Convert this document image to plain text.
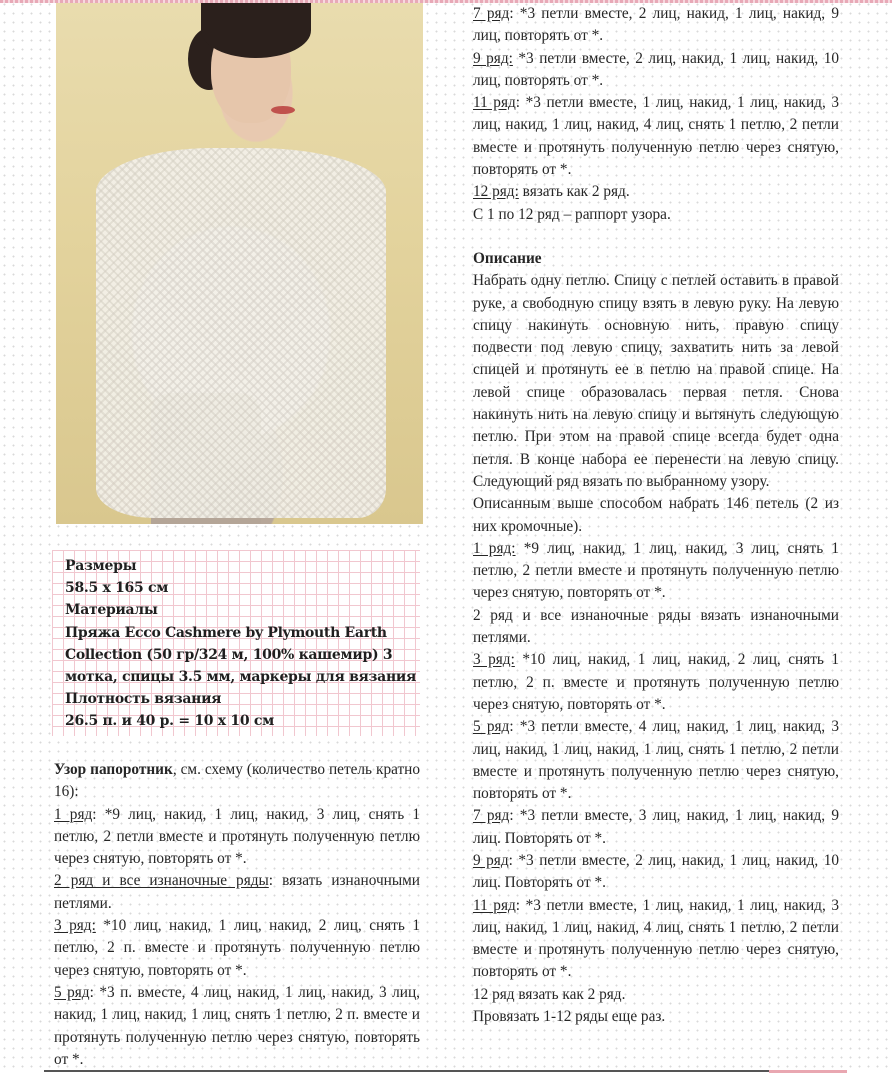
Размеры
58.5 x 165 см
Материалы
Пряжа Ecco Cashmere by Plymouth Earth
Collection (50 гр/324 м, 100% кашемир) 3
мотка, спицы 3.5 мм, маркеры для вязания
Плотность вязания
26.5 п. и 40 р. = 10 x 10 см

Узор папоротник, см. схему (количество петель кратно 16):

1 ряд: *9 лиц, накид, 1 лиц, накид, 3 лиц, снять 1 петлю, 2 петли вместе и протянуть полученную петлю через снятую, повторять от *.

2 ряд и все изнаночные ряды: вязать изнаночными петлями.

3 ряд: *10 лиц, накид, 1 лиц, накид, 2 лиц, снять 1 петлю, 2 п. вместе и протянуть полученную петлю через снятую, повторять от *.

5 ряд: *3 п. вместе, 4 лиц, накид, 1 лиц, накид, 3 лиц, накид, 1 лиц, накид, 1 лиц, снять 1 петлю, 2 п. вместе и протянуть полученную петлю через снятую, повторять от *.

7 ряд: *3 петли вместе, 2 лиц, накид, 1 лиц, накид, 9 лиц, повторять от *.

9 ряд: *3 петли вместе, 2 лиц, накид, 1 лиц, накид, 10 лиц, повторять от *.

11 ряд: *3 петли вместе, 1 лиц, накид, 1 лиц, накид, 3 лиц, накид, 1 лиц, накид, 4 лиц, снять 1 петлю, 2 петли вместе и протянуть полученную петлю через снятую, повторять от *.

12 ряд: вязать как 2 ряд.

С 1 по 12 ряд – раппорт узора.

Описание

Набрать одну петлю. Спицу с петлей оставить в правой руке, а свободную спицу взять в левую руку. На левую спицу накинуть основную нить, правую спицу подвести под левую спицу, захватить нить за левой спицей и протянуть ее в петлю на правой спице. На левой спице образовалась первая петля. Снова накинуть нить на левую спицу и вытянуть следующую петлю. При этом на правой спице всегда будет одна петля. В конце набора ее перенести на левую спицу. Следующий ряд вязать по выбранному узору.

Описанным выше способом набрать 146 петель (2 из них кромочные).

1 ряд: *9 лиц, накид, 1 лиц, накид, 3 лиц, снять 1 петлю, 2 петли вместе и протянуть полученную петлю через снятую, повторять от *.

2 ряд и все изнаночные ряды вязать изнаночными петлями.

3 ряд: *10 лиц, накид, 1 лиц, накид, 2 лиц, снять 1 петлю, 2 п. вместе и протянуть полученную петлю через снятую, повторять от *.

5 ряд: *3 петли вместе, 4 лиц, накид, 1 лиц, накид, 3 лиц, накид, 1 лиц, накид, 1 лиц, снять 1 петлю, 2 петли вместе и протянуть полученную петлю через снятую, повторять от *.

7 ряд: *3 петли вместе, 3 лиц, накид, 1 лиц, накид, 9 лиц. Повторять от *.

9 ряд: *3 петли вместе, 2 лиц, накид, 1 лиц, накид, 10 лиц. Повторять от *.

11 ряд: *3 петли вместе, 1 лиц, накид, 1 лиц, накид, 3 лиц, накид, 1 лиц, накид, 4 лиц, снять 1 петлю, 2 петли вместе и протянуть полученную петлю через снятую, повторять от *.

12 ряд вязать как 2 ряд.

Провязать 1-12 ряды еще раз.
